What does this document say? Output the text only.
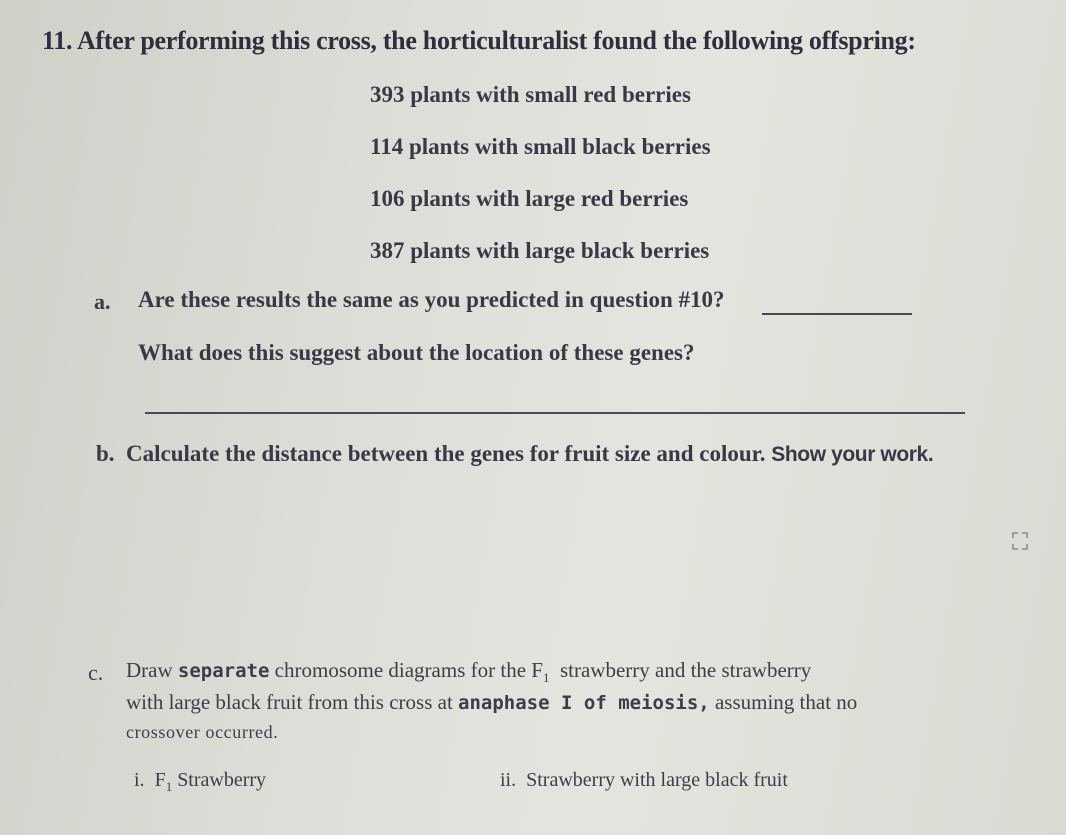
11. After performing this cross, the horticulturalist found the following offspring:
393 plants with small red berries
114 plants with small black berries
106 plants with large red berries
387 plants with large black berries
a. Are these results the same as you predicted in question #10?
What does this suggest about the location of these genes?
b. Calculate the distance between the genes for fruit size and colour. Show your work.
c. Draw separate chromosome diagrams for the $F_1$ strawberry and the strawberry
with large black fruit from this cross at anaphase I of meiosis, assuming that no
crossover occurred.
i. $F_1$ Strawberry	ii. Strawberry with large black fruit
